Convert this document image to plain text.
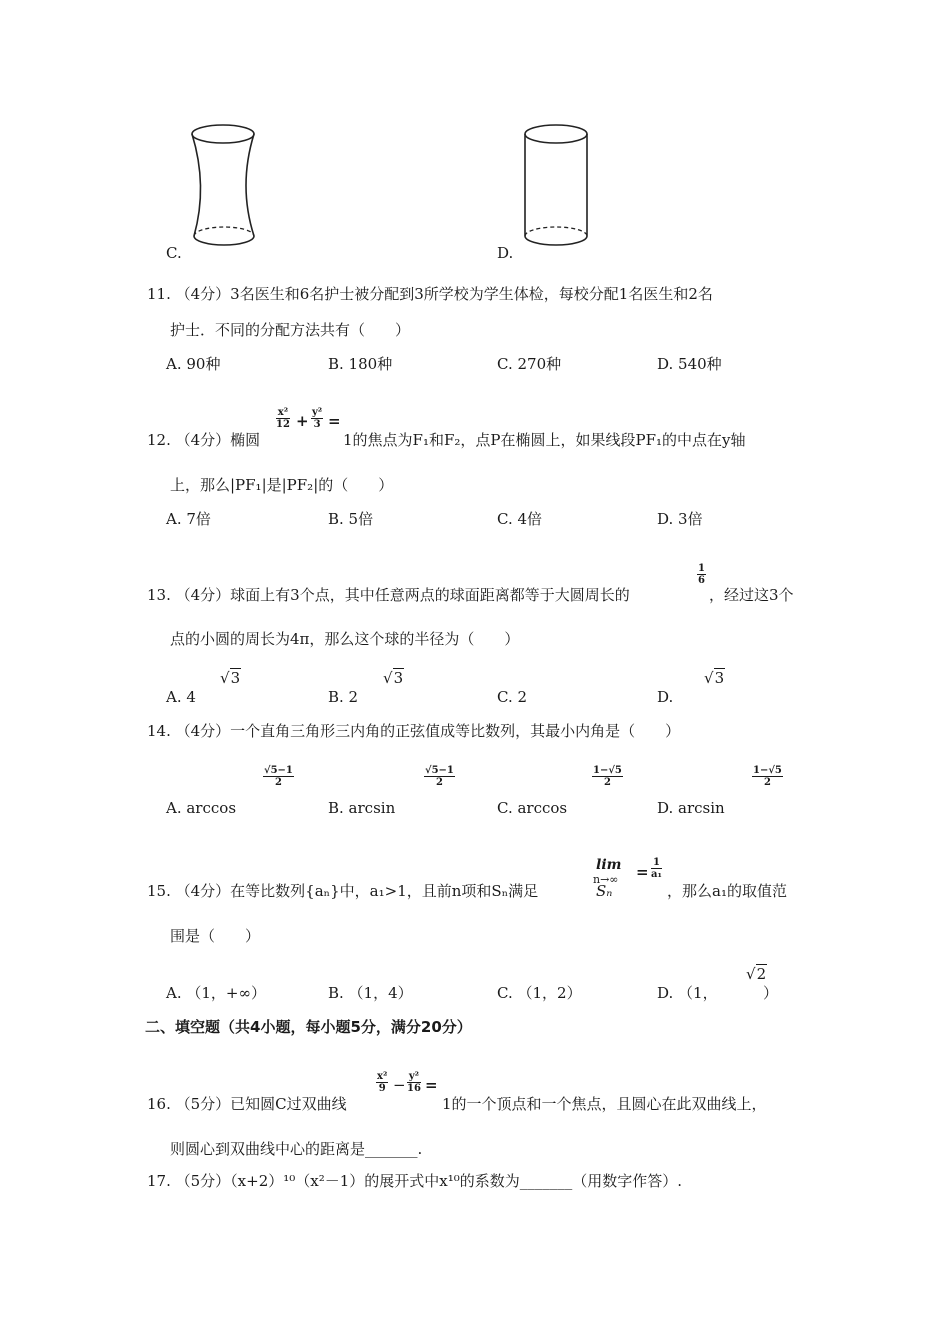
C.	D.
11. （4分）3名医生和6名护士被分配到3所学校为学生体检，每校分配1名医生和2名
护士．不同的分配方法共有（　　）
A. 90种	B. 180种	C. 270种	D. 540种
12. （4分）椭圆
$\frac{\text{x²}}{12} + \frac{\text{y²}}{3}$ =
1的焦点为F₁和F₂，点P在椭圆上，如果线段PF₁的中点在y轴
上，那么|PF₁|是|PF₂|的（　　）
A. 7倍	B. 5倍	C. 4倍	D. 3倍
13. （4分）球面上有3个点，其中任意两点的球面距离都等于大圆周长的
$\frac{1}{6}$
，经过这3个
点的小圆的周长为4π，那么这个球的半径为（　　）
A. 4
√3
B. 2
√3
C. 2	D.
√3
14. （4分）一个直角三角形三内角的正弦值成等比数列，其最小内角是（　　）
$\frac{√5-1}{2}$
A. arccos
$\frac{√5-1}{2}$
B. arcsin
$\frac{1-√5}{2}$
C. arccos
$\frac{1-√5}{2}$
D. arcsin
15. （4分）在等比数列{aₙ}中，a₁>1，且前n项和Sₙ满足
lim
n→∞
Sₙ
= $\frac{1}{\text{a₁}}$
，那么a₁的取值范
围是（　　）
A. （1，+∞）	B. （1，4）	C. （1，2）	D. （1，
√2
）
二、填空题（共4小题，每小题5分，满分20分）
16. （5分）已知圆C过双曲线
$\frac{\text{x²}}{9} - \frac{\text{y²}}{16}$ =
1的一个顶点和一个焦点，且圆心在此双曲线上，
则圆心到双曲线中心的距离是_______.
17. （5分）（x+2）¹⁰（x²－1）的展开式中x¹⁰的系数为_______（用数字作答）.
